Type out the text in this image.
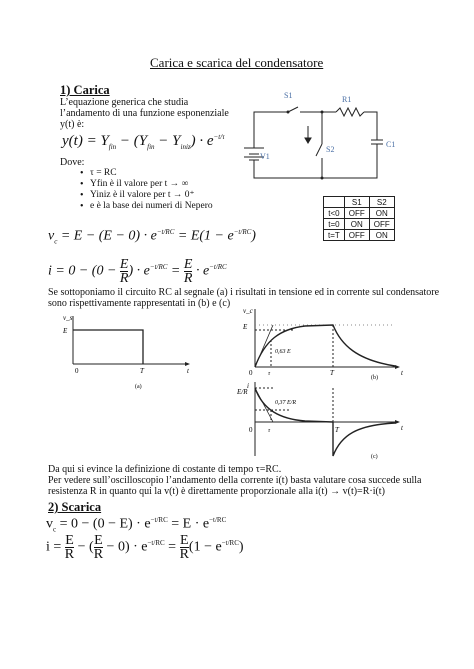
Carica e scarica del condensatore
1) Carica
L’equazione generica che studia
l’andamento di una funzione esponenziale
y(t) è:
$y(t) = Y_{fin} - (Y_{fin} - Y_{iniz}) \cdot e^{-t/\tau}$
Dove:
• τ = RC
• Yfin è il valore per t → ∞
• Yiniz è il valore per t → 0⁺
• e è la base dei numeri di Nepero
S1	R1
C1
V1
S2
	S1	S2
t<0	OFF	ON
t=0	ON	OFF
t=T	OFF	ON
$v_c = E - (E - 0) \cdot e^{-t/RC} = E(1 - e^{-t/RC})$
$i = 0 - (0 - \frac{E}{R}$ ) · $e^{-t/RC} = \frac{E}{R} \cdot e^{-t/RC}$
Se sottoponiamo il circuito RC al segnale (a) i risultati in tensione ed in corrente sul condensatore
sono rispettivamente rappresentati in (b) e (c)
v_s
E
0	T	t
(a)
v_c
E
0,63 E
τ
0	T	t
(b)
i
E/R
0,37 E/R
τ
0	T	t
(c)
Da qui si evince la definizione di costante di tempo τ=RC.
Per vedere sull’oscilloscopio l’andamento della corrente i(t) basta valutare cosa succede sulla
resistenza R in quanto qui la v(t) è direttamente proporzionale alla i(t) → v(t)=R·i(t)
2) Scarica
$v_c = 0 - (0 - E) \cdot e^{-t/RC} = E \cdot e^{-t/RC}$
$i = \frac{E}{R}$ − ( $\frac{E}{R} - 0) \cdot e^{-t/RC} = \frac{E}{R} (1 - e^{-t/RC})$
